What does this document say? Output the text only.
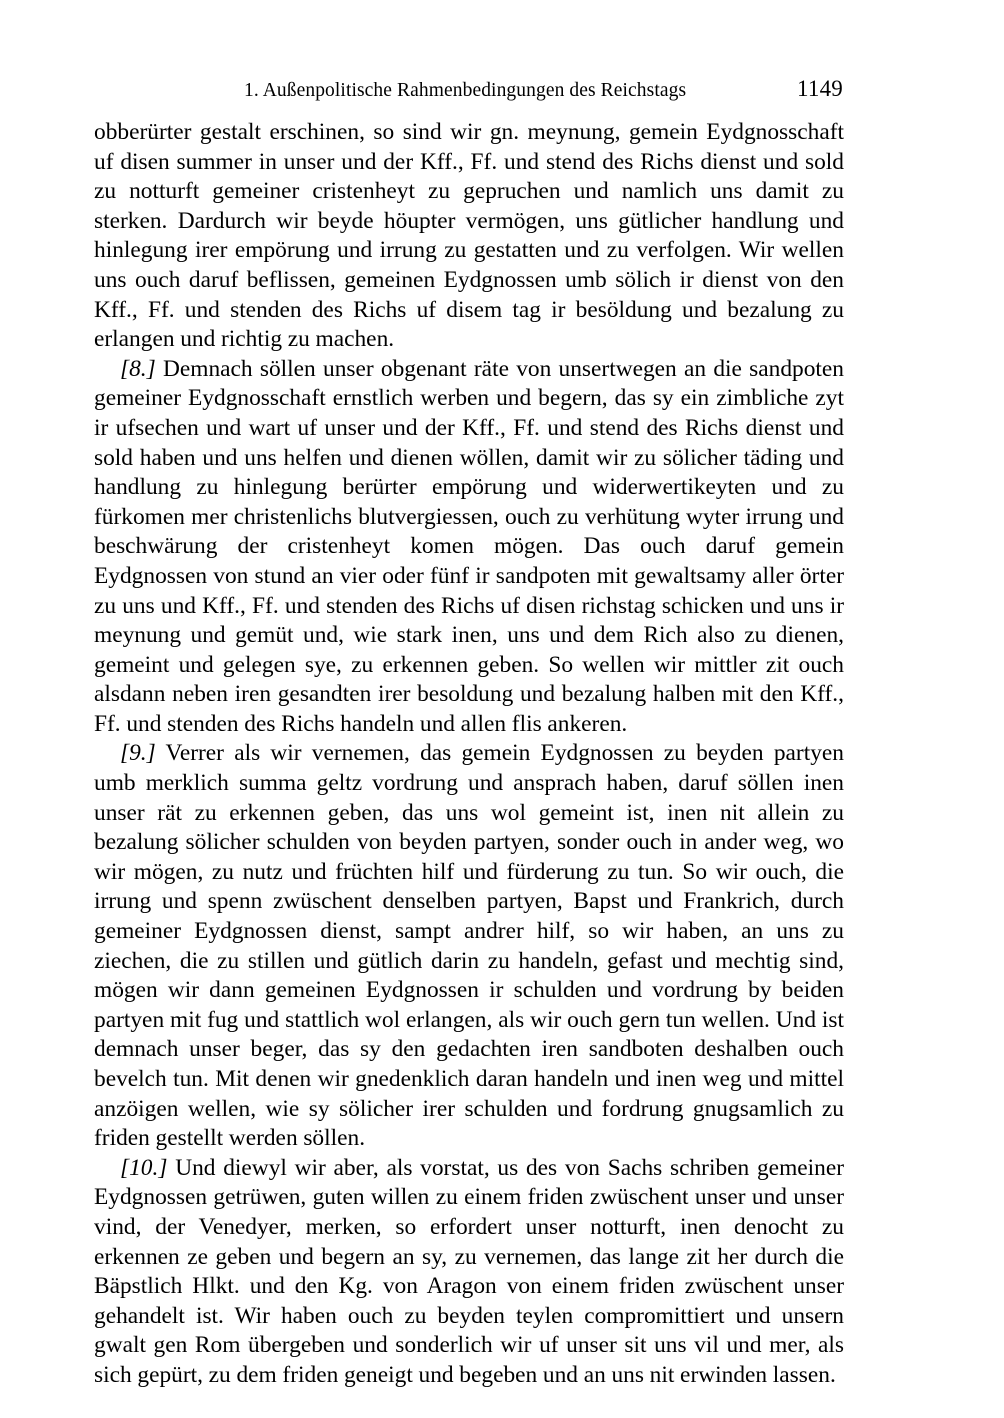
1. Außenpolitische Rahmenbedingungen des Reichstags	1149

obberürter gestalt erschinen, so sind wir gn. meynung, gemein Eydgnosschaft uf disen summer in unser und der Kff., Ff. und stend des Richs dienst und sold zu notturft gemeiner cristenheyt zu gepruchen und namlich uns damit zu sterken. Dardurch wir beyde höupter vermögen, uns gütlicher handlung und hinlegung irer empörung und irrung zu gestatten und zu verfolgen. Wir wellen uns ouch daruf beflissen, gemeinen Eydgnossen umb sölich ir dienst von den Kff., Ff. und stenden des Richs uf disem tag ir besöldung und bezalung zu erlangen und richtig zu machen.

[8.] Demnach söllen unser obgenant räte von unsertwegen an die sandpoten gemeiner Eydgnosschaft ernstlich werben und begern, das sy ein zimbliche zyt ir ufsechen und wart uf unser und der Kff., Ff. und stend des Richs dienst und sold haben und uns helfen und dienen wöllen, damit wir zu sölicher täding und handlung zu hinlegung berürter empörung und widerwertikeyten und zu fürkomen mer christenlichs blutvergiessen, ouch zu verhütung wyter irrung und beschwärung der cristenheyt komen mögen. Das ouch daruf gemein Eydgnossen von stund an vier oder fünf ir sandpoten mit gewaltsamy aller örter zu uns und Kff., Ff. und stenden des Richs uf disen richstag schicken und uns ir meynung und gemüt und, wie stark inen, uns und dem Rich also zu dienen, gemeint und gelegen sye, zu erkennen geben. So wellen wir mittler zit ouch alsdann neben iren gesandten irer besoldung und bezalung halben mit den Kff., Ff. und stenden des Richs handeln und allen flis ankeren.

[9.] Verrer als wir vernemen, das gemein Eydgnossen zu beyden partyen umb merklich summa geltz vordrung und ansprach haben, daruf söllen inen unser rät zu erkennen geben, das uns wol gemeint ist, inen nit allein zu bezalung sölicher schulden von beyden partyen, sonder ouch in ander weg, wo wir mögen, zu nutz und früchten hilf und fürderung zu tun. So wir ouch, die irrung und spenn zwüschent denselben partyen, Bapst und Frankrich, durch gemeiner Eydgnossen dienst, sampt andrer hilf, so wir haben, an uns zu ziechen, die zu stillen und gütlich darin zu handeln, gefast und mechtig sind, mögen wir dann gemeinen Eydgnossen ir schulden und vordrung by beiden partyen mit fug und stattlich wol erlangen, als wir ouch gern tun wellen. Und ist demnach unser beger, das sy den gedachten iren sandboten deshalben ouch bevelch tun. Mit denen wir gnedenklich daran handeln und inen weg und mittel anzöigen wellen, wie sy sölicher irer schulden und fordrung gnugsamlich zu friden gestellt werden söllen.

[10.] Und diewyl wir aber, als vorstat, us des von Sachs schriben gemeiner Eydgnossen getrüwen, guten willen zu einem friden zwüschent unser und unser vind, der Venedyer, merken, so erfordert unser notturft, inen denocht zu erkennen ze geben und begern an sy, zu vernemen, das lange zit her durch die Bäpstlich Hlkt. und den Kg. von Aragon von einem friden zwüschent unser gehandelt ist. Wir haben ouch zu beyden teylen compromittiert und unsern gwalt gen Rom übergeben und sonderlich wir uf unser sit uns vil und mer, als sich gepürt, zu dem friden geneigt und begeben und an uns nit erwinden lassen.
